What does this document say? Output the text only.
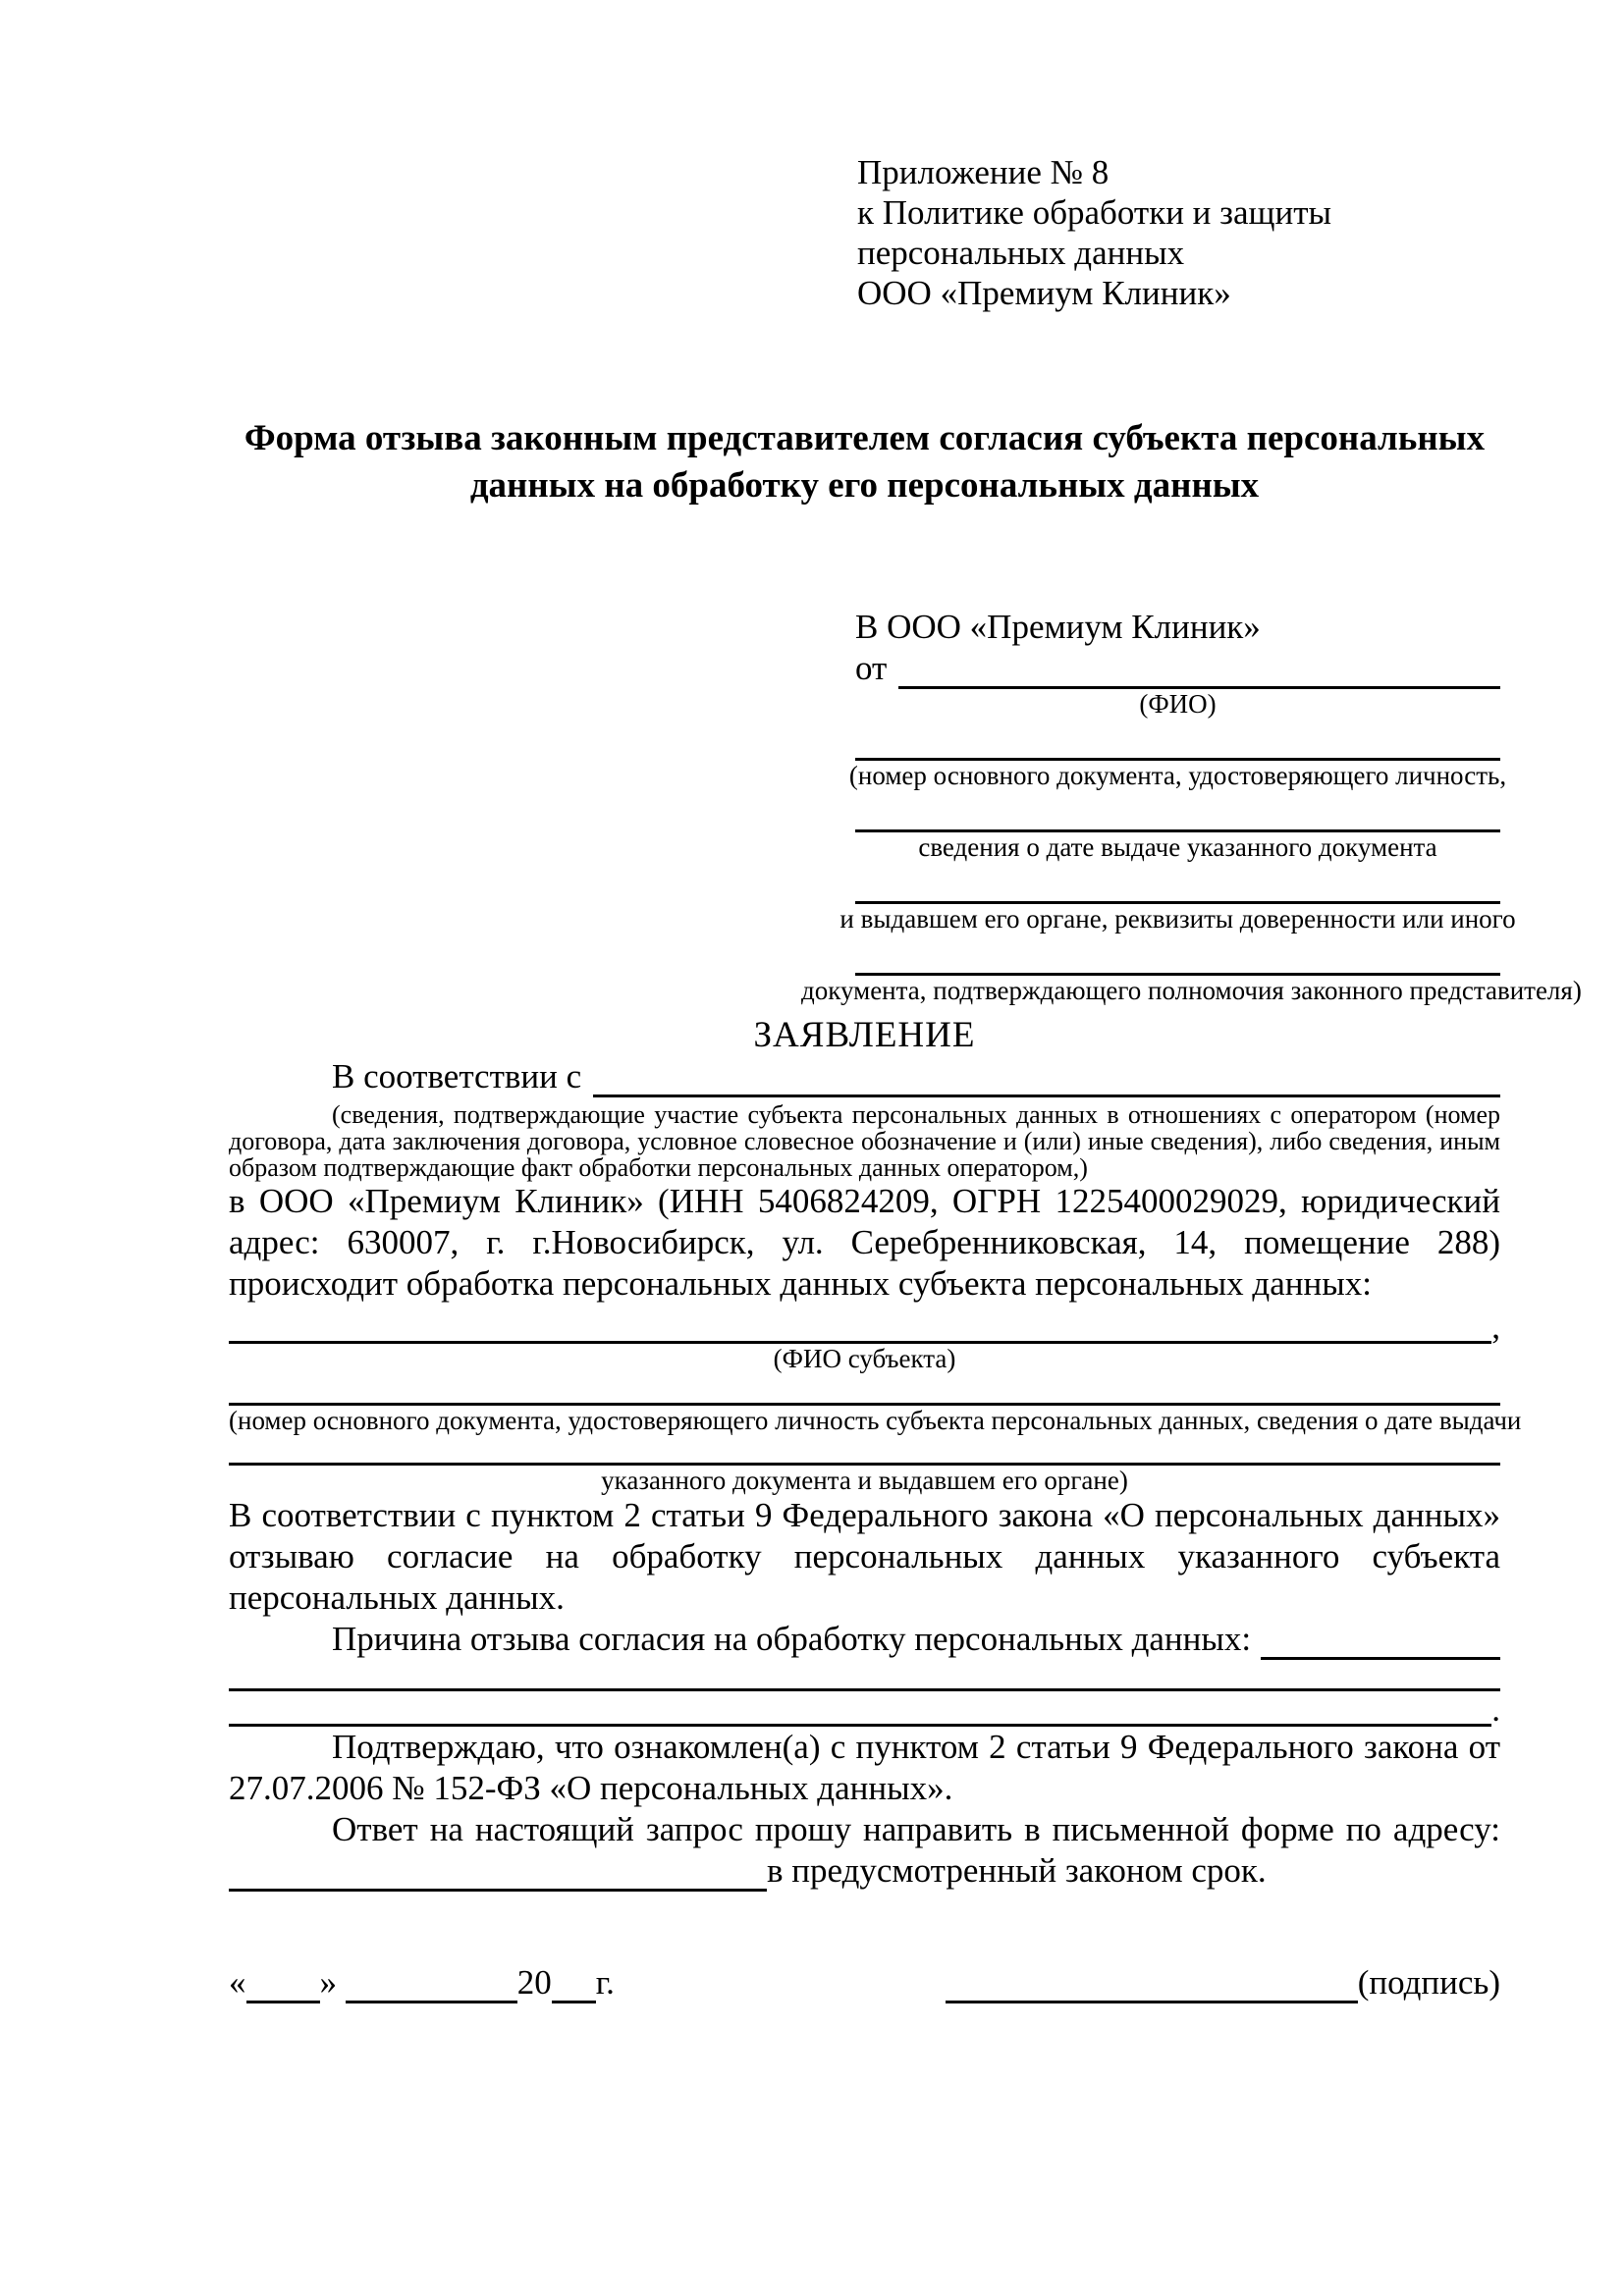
Приложение № 8
к Политике обработки и защиты
персональных данных
ООО «Премиум Клиник»
Форма отзыва законным представителем согласия субъекта персональных данных на обработку его персональных данных
В ООО «Премиум Клиник»
от
(ФИО)
(номер основного документа, удостоверяющего личность,
сведения о дате выдаче указанного документа
и выдавшем его органе, реквизиты доверенности или иного
документа, подтверждающего полномочия законного представителя)
ЗАЯВЛЕНИЕ
В соответствии с
(сведения, подтверждающие участие субъекта персональных данных в отношениях с оператором (номер договора, дата заключения договора, условное словесное обозначение и (или) иные сведения), либо сведения, иным образом подтверждающие факт обработки персональных данных оператором,)

в ООО «Премиум Клиник» (ИНН 5406824209, ОГРН 1225400029029, юридический адрес: 630007, г. г.Новосибирск, ул. Серебренниковская, 14, помещение 288) происходит обработка персональных данных субъекта персональных данных:

,
(ФИО субъекта)
(номер основного документа, удостоверяющего личность субъекта персональных данных, сведения о дате выдачи
указанного документа и выдавшем его органе)

В соответствии с пунктом 2 статьи 9 Федерального закона «О персональных данных» отзываю согласие на обработку персональных данных указанного субъекта персональных данных.

Причина отзыва согласия на обработку персональных данных:
.

Подтверждаю, что ознакомлен(а) с пунктом 2 статьи 9 Федерального закона от 27.07.2006 № 152-ФЗ «О персональных данных».

Ответ на настоящий запрос прошу направить в письменной форме по адресу:
в предусмотренный законом срок.
« »	20 г.	(подпись)
